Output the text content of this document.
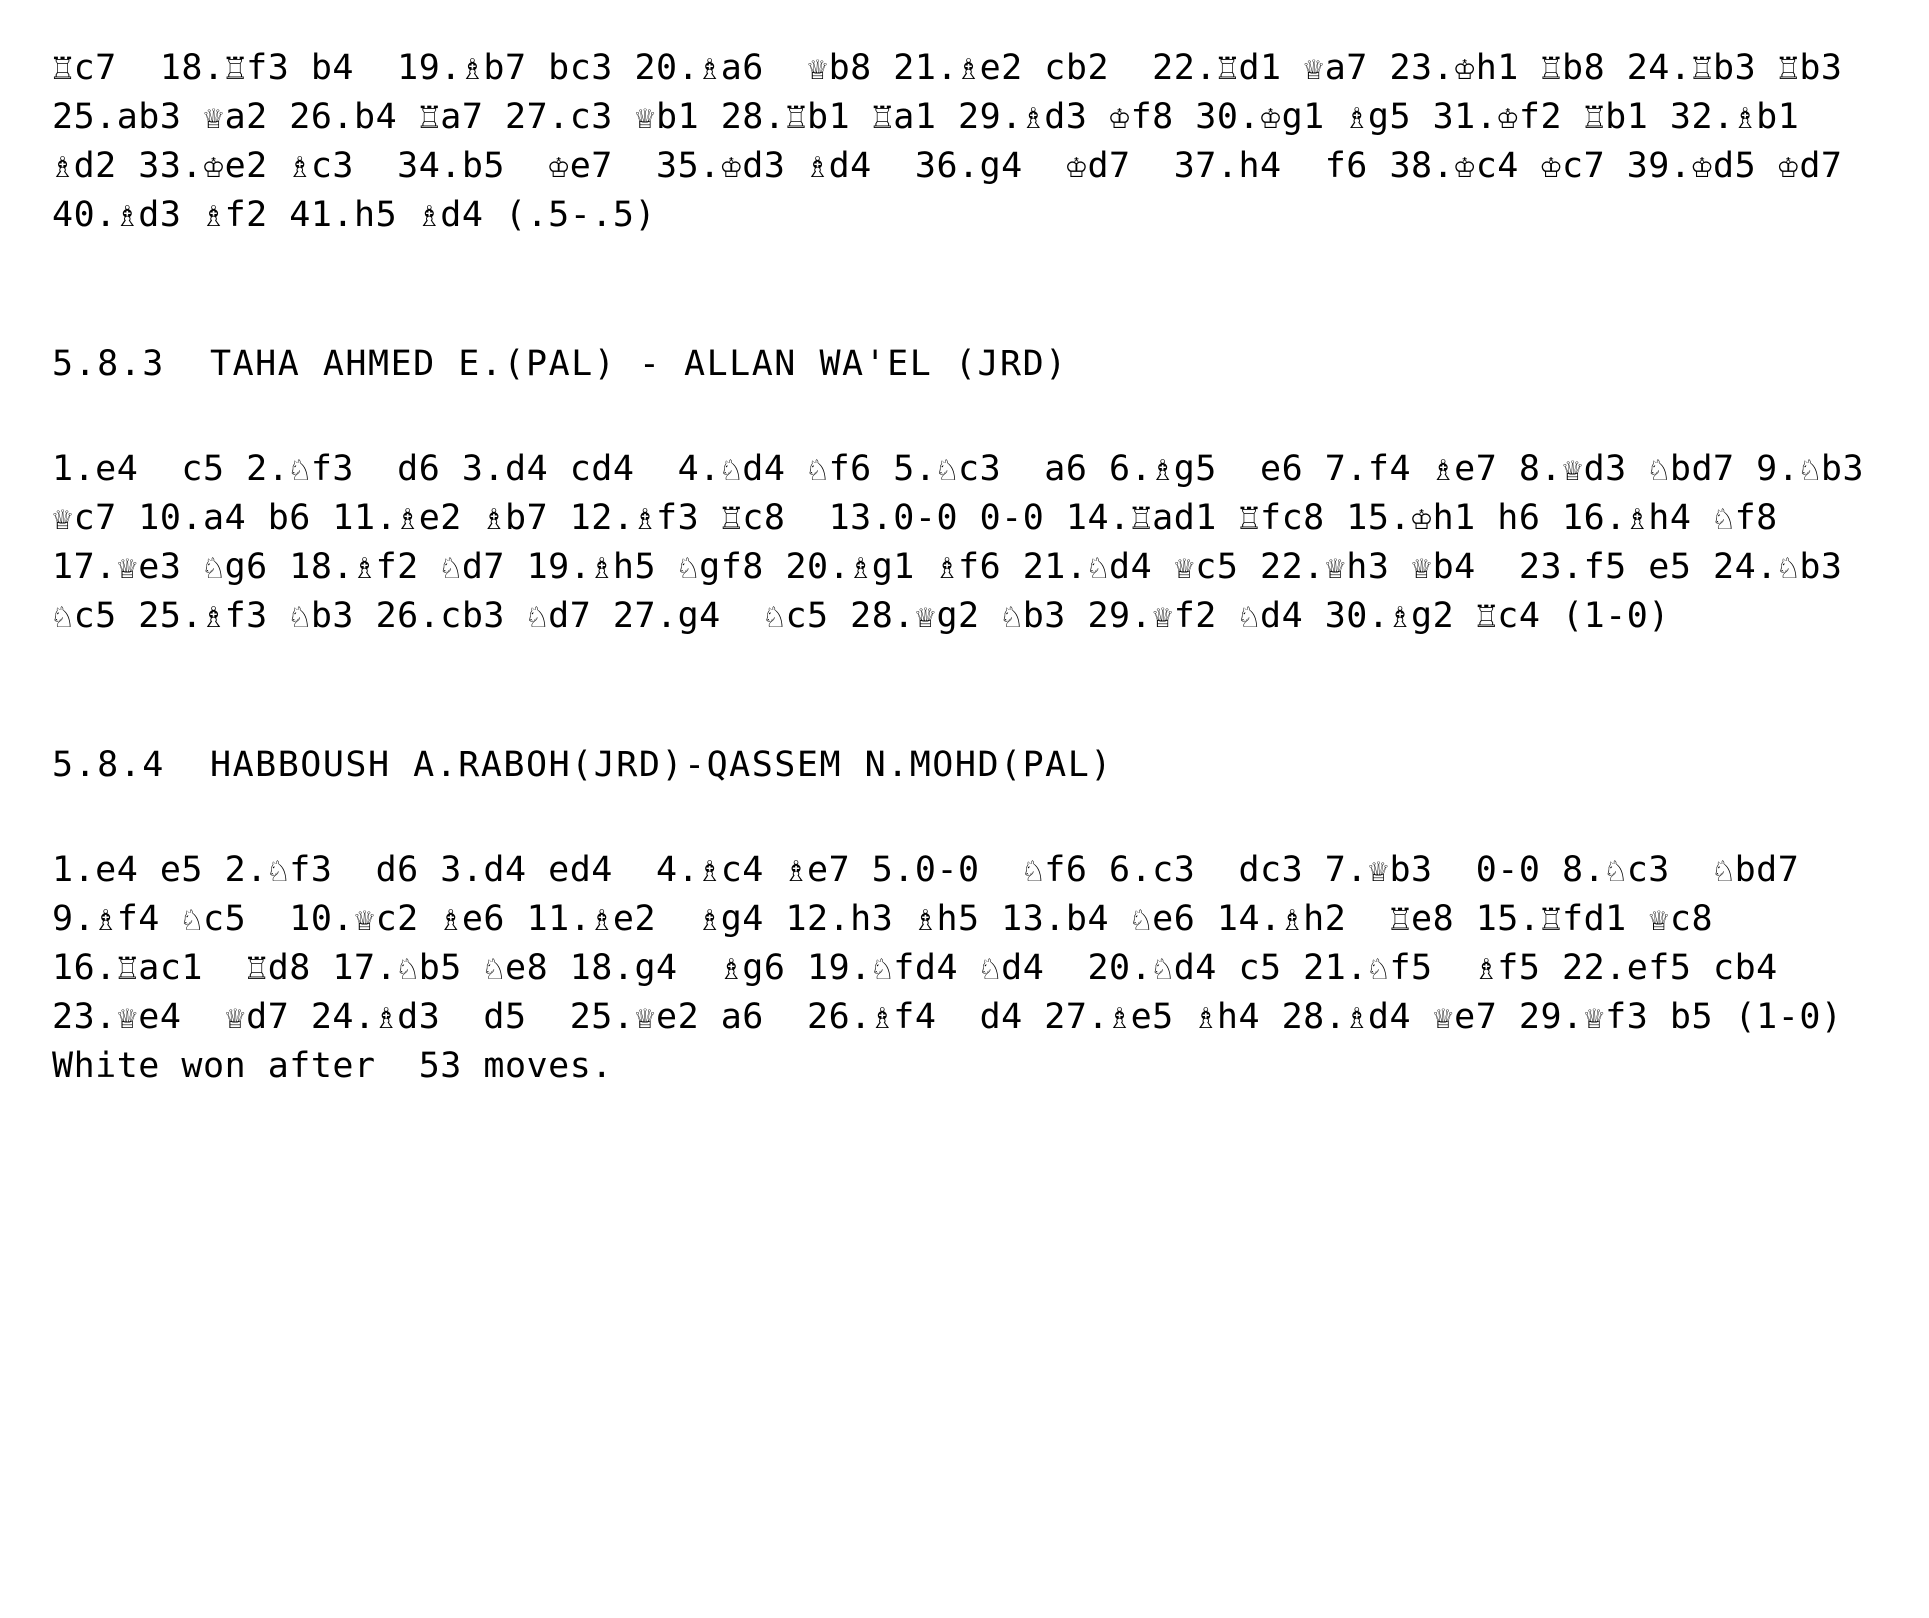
♖c7  18.♖f3 b4  19.♗b7 bc3 20.♗a6  ♕b8 21.♗e2 cb2  22.♖d1 ♕a7 23.♔h1 ♖b8 24.♖b3 ♖b3 25.ab3 ♕a2 26.b4 ♖a7 27.c3 ♕b1 28.♖b1 ♖a1 29.♗d3 ♔f8 30.♔g1 ♗g5 31.♔f2 ♖b1 32.♗b1 ♗d2 33.♔e2 ♗c3  34.b5  ♔e7  35.♔d3 ♗d4  36.g4  ♔d7  37.h4  f6 38.♔c4 ♔c7 39.♔d5 ♔d7 40.♗d3 ♗f2 41.h5 ♗d4 (.5-.5)
5.8.3  TAHA AHMED E.(PAL) - ALLAN WA'EL (JRD)
1.e4  c5 2.♘f3  d6 3.d4 cd4  4.♘d4 ♘f6 5.♘c3  a6 6.♗g5  e6 7.f4 ♗e7 8.♕d3 ♘bd7 9.♘b3 ♕c7 10.a4 b6 11.♗e2 ♗b7 12.♗f3 ♖c8  13.0-0 0-0 14.♖ad1 ♖fc8 15.♔h1 h6 16.♗h4 ♘f8  17.♕e3 ♘g6 18.♗f2 ♘d7 19.♗h5 ♘gf8 20.♗g1 ♗f6 21.♘d4 ♕c5 22.♕h3 ♕b4  23.f5 e5 24.♘b3 ♘c5 25.♗f3 ♘b3 26.cb3 ♘d7 27.g4  ♘c5 28.♕g2 ♘b3 29.♕f2 ♘d4 30.♗g2 ♖c4 (1-0)
5.8.4  HABBOUSH A.RABOH(JRD)-QASSEM N.MOHD(PAL)
1.e4 e5 2.♘f3  d6 3.d4 ed4  4.♗c4 ♗e7 5.0-0  ♘f6 6.c3  dc3 7.♕b3  0-0 8.♘c3  ♘bd7 9.♗f4 ♘c5  10.♕c2 ♗e6 11.♗e2  ♗g4 12.h3 ♗h5 13.b4 ♘e6 14.♗h2  ♖e8 15.♖fd1 ♕c8 16.♖ac1  ♖d8 17.♘b5 ♘e8 18.g4  ♗g6 19.♘fd4 ♘d4  20.♘d4 c5 21.♘f5  ♗f5 22.ef5 cb4  23.♕e4  ♕d7 24.♗d3  d5  25.♕e2 a6  26.♗f4  d4 27.♗e5 ♗h4 28.♗d4 ♕e7 29.♕f3 b5 (1-0) White won after  53 moves.
